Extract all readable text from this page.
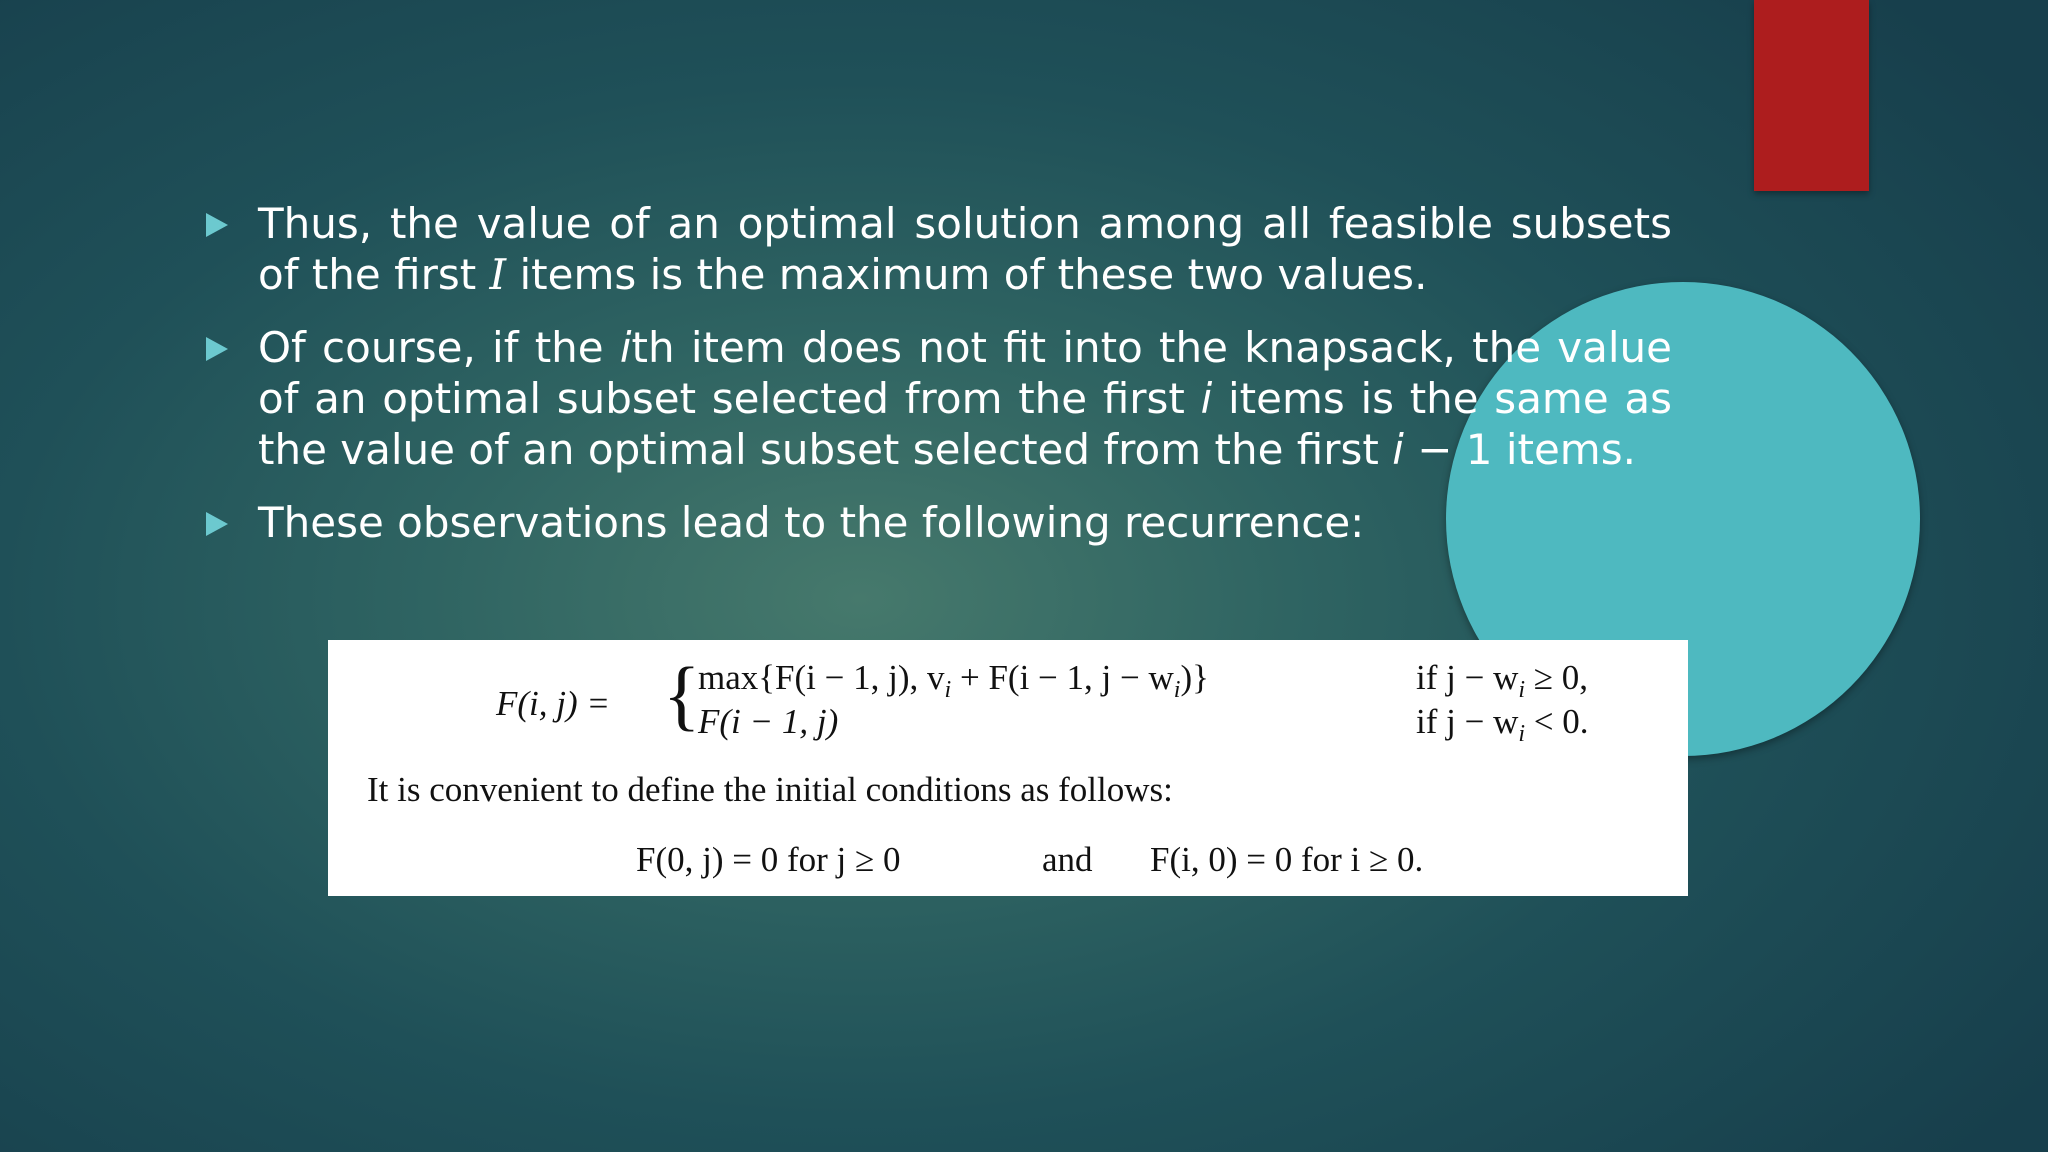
Thus, the value of an optimal solution among all feasible subsets of the first I items is the maximum of these two values.
Of course, if the ith item does not fit into the knapsack, the value of an optimal subset selected from the first i items is the same as the value of an optimal subset selected from the first i − 1 items.
These observations lead to the following recurrence:
F(i, j) = {
max{F(i − 1, j), $v_i + F(i - 1$, $j - w_i$)}	if $j - w_i \ge 0$,
F(i − 1, j)	if $j - w_i < 0$.
It is convenient to define the initial conditions as follows:
F(0, j) = 0 for j ≥ 0	and F(i, 0) = 0 for i ≥ 0.
